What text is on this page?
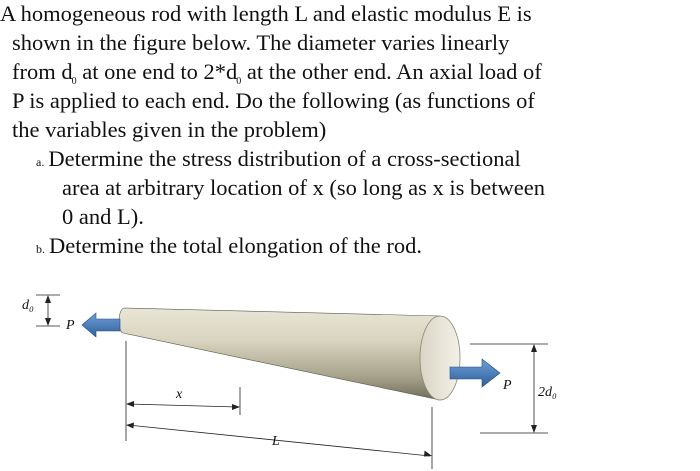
A homogeneous rod with length L and elastic modulus E is
shown in the figure below. The diameter varies linearly
from $d_0$ at one end to $2*d_0$ at the other end. An axial load of
P is applied to each end. Do the following (as functions of
the variables given in the problem)
a. Determine the stress distribution of a cross-sectional
area at arbitrary location of x (so long as x is between
0 and L).
b. Determine the total elongation of the rod.
d₀
P
P 2d₀
x
L
